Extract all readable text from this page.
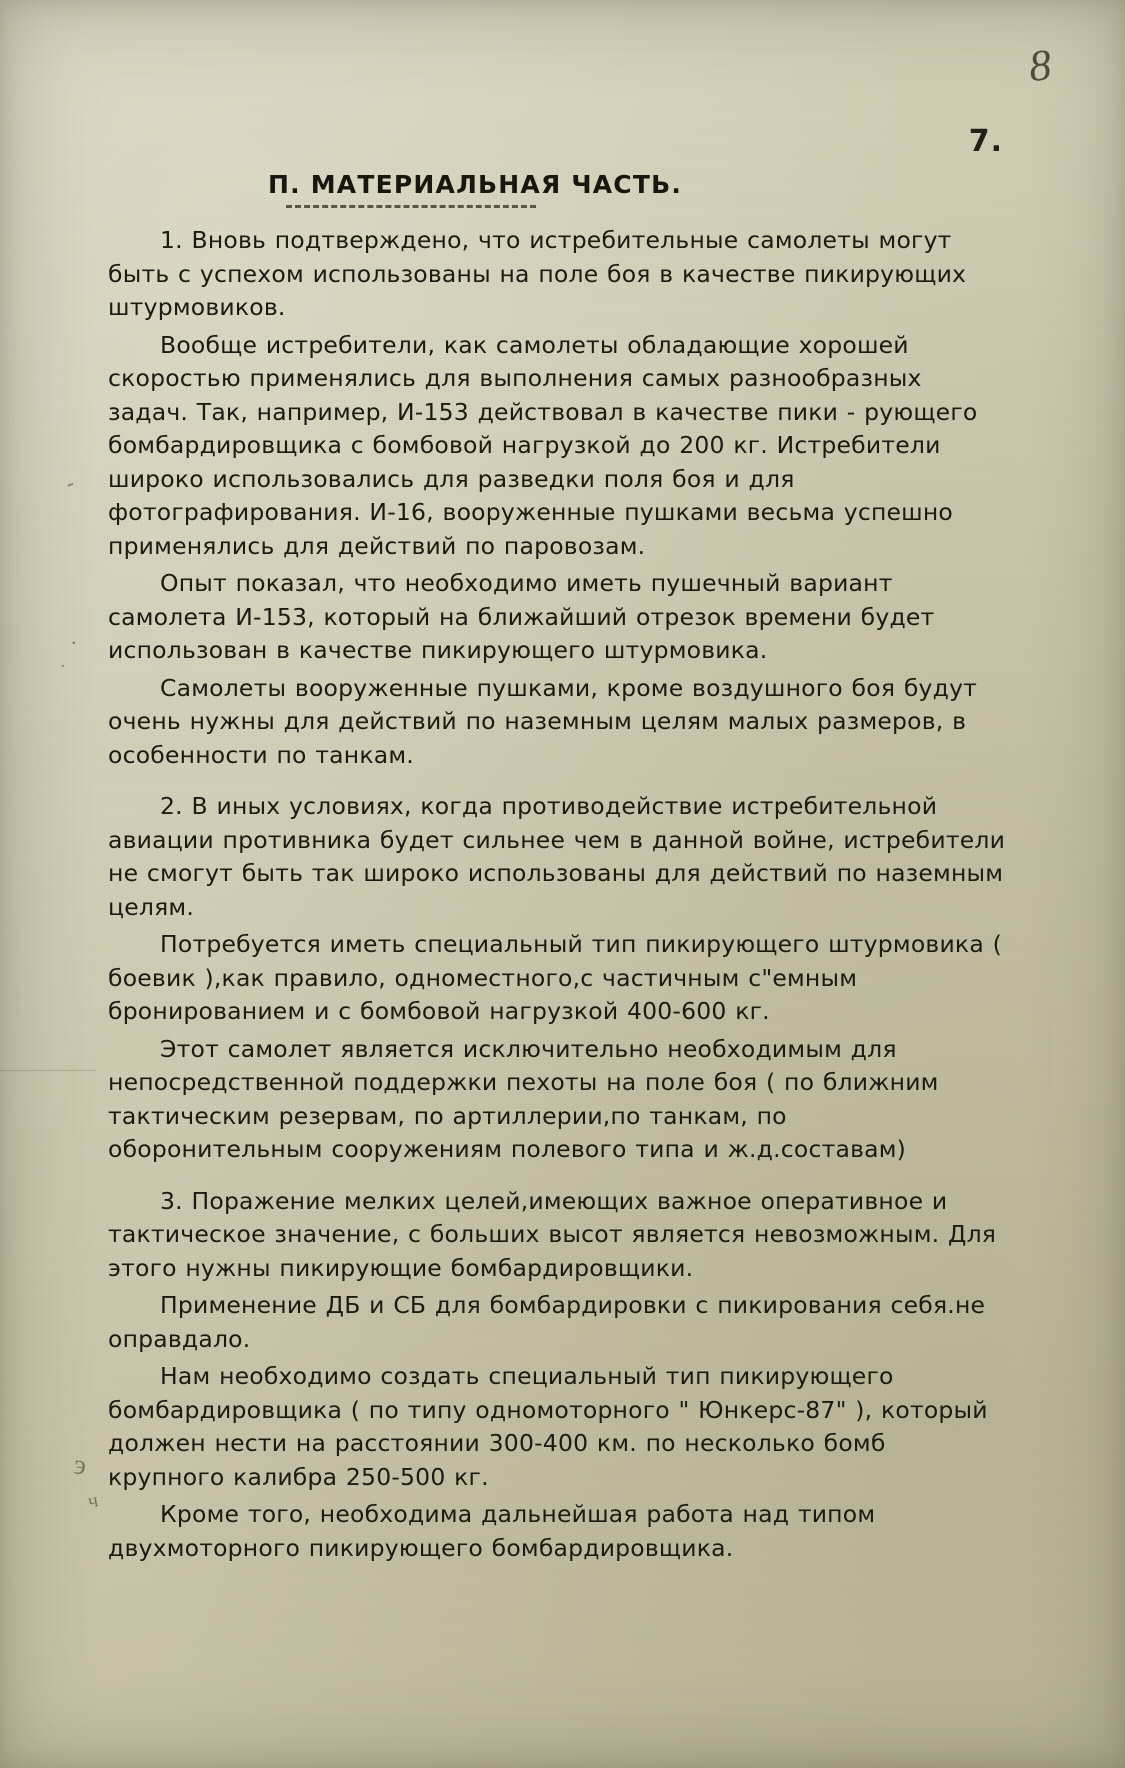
8
7.
-
·
·
э
ч
П. МАТЕРИАЛЬНАЯ ЧАСТЬ.

1. Вновь подтверждено, что истребительные самолеты могут быть с успехом использованы на поле боя в качестве пикирующих штурмовиков.

Вообще истребители, как самолеты обладающие хорошей скоростью применялись для выполнения самых разнообразных задач. Так, например, И-153 действовал в качестве пики - рующего бомбардировщика с бомбовой нагрузкой до 200 кг. Истребители широко использовались для разведки поля боя и для фотографирования. И-16, вооруженные пушками весьма успешно применялись для действий по паровозам.

Опыт показал, что необходимо иметь пушечный вариант самолета И-153, который на ближайший отрезок времени будет использован в качестве пикирующего штурмовика.

Самолеты вооруженные пушками, кроме воздушного боя будут очень нужны для действий по наземным целям малых размеров, в особенности по танкам.

2. В иных условиях, когда противодействие истребительной авиации противника будет сильнее чем в данной войне, истребители не смогут быть так широко использованы для действий по наземным целям.

Потребуется иметь специальный тип пикирующего штурмовика ( боевик ),как правило, одноместного,с частичным с"емным бронированием и с бомбовой нагрузкой 400-600 кг.

Этот самолет является исключительно необходимым для непосредственной поддержки пехоты на поле боя ( по ближним тактическим резервам, по артиллерии,по танкам, по оборонительным сооружениям полевого типа и ж.д.составам)

3. Поражение мелких целей,имеющих важное оперативное и тактическое значение, с больших высот является невозможным. Для этого нужны пикирующие бомбардировщики.

Применение ДБ и СБ для бомбардировки с пикирования себя.не оправдало.

Нам необходимо создать специальный тип пикирующего бомбардировщика ( по типу одномоторного " Юнкерс-87" ), который должен нести на расстоянии 300-400 км. по несколько бомб крупного калибра 250-500 кг.

Кроме того, необходима дальнейшая работа над типом двухмоторного пикирующего бомбардировщика.
